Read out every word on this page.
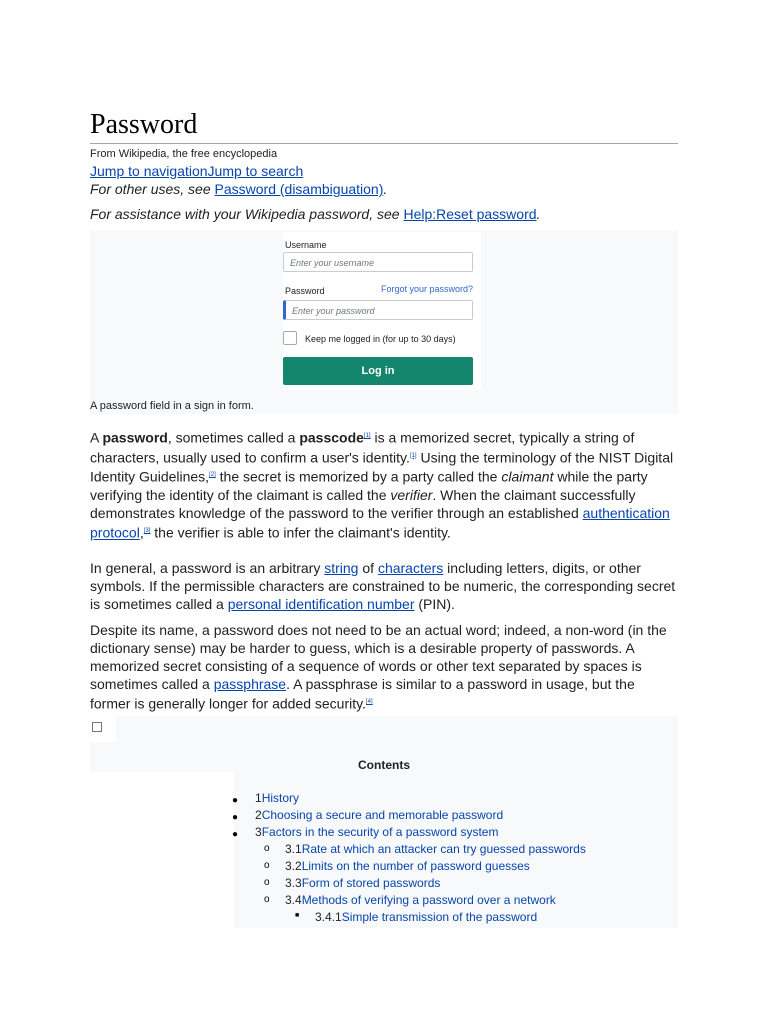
Password
From Wikipedia, the free encyclopedia
Jump to navigationJump to search
For other uses, see Password (disambiguation).
For assistance with your Wikipedia password, see Help:Reset password.
Username
Enter your username
Password	Forgot your password?
Enter your password
Keep me logged in (for up to 30 days)
Log in
A password field in a sign in form.
A password, sometimes called a passcode[1] is a memorized secret, typically a string of characters, usually used to confirm a user's identity.[1] Using the terminology of the NIST Digital Identity Guidelines,[2] the secret is memorized by a party called the claimant while the party verifying the identity of the claimant is called the verifier. When the claimant successfully demonstrates knowledge of the password to the verifier through an established authentication protocol,[3] the verifier is able to infer the claimant's identity.
In general, a password is an arbitrary string of characters including letters, digits, or other symbols. If the permissible characters are constrained to be numeric, the corresponding secret is sometimes called a personal identification number (PIN).
Despite its name, a password does not need to be an actual word; indeed, a non-word (in the dictionary sense) may be harder to guess, which is a desirable property of passwords. A memorized secret consisting of a sequence of words or other text separated by spaces is sometimes called a passphrase. A passphrase is similar to a password in usage, but the former is generally longer for added security.[4]
Contents
● 1History
● 2Choosing a secure and memorable password
● 3Factors in the security of a password system
o 3.1Rate at which an attacker can try guessed passwords
o 3.2Limits on the number of password guesses
o 3.3Form of stored passwords
o 3.4Methods of verifying a password over a network
■ 3.4.1Simple transmission of the password
